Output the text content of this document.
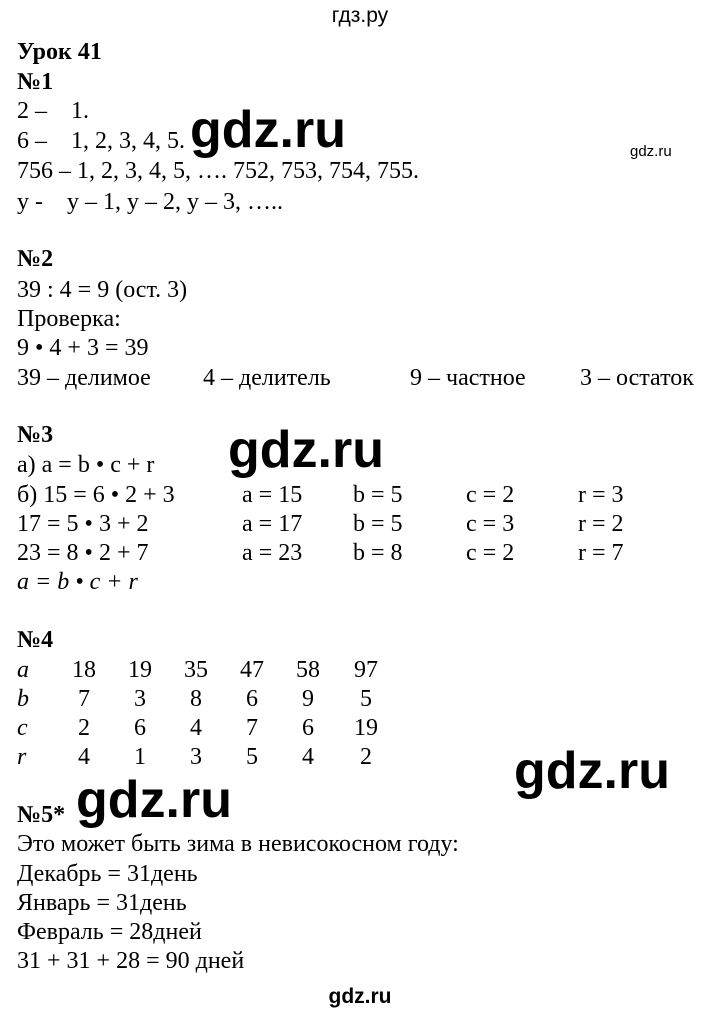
гдз.ру
gdz.ru	gdz.ru
gdz.ru
gdz.ru
gdz.ru
Урок 41
№1
2 –    1.
6 –    1, 2, 3, 4, 5.
756 – 1, 2, 3, 4, 5, …. 752, 753, 754, 755.
у -    у – 1, у – 2, у – 3, …..
№2
39 : 4 = 9 (ост. 3)
Проверка:
9 • 4 + 3 = 39
39 – делимое 4 – делитель	9 – частное 3 – остаток
№3
а) a = b • c + r
б) 15 = 6 • 2 + 3	a = 15 b = 5	c = 2	r = 3
17 = 5 • 3 + 2	a = 17 b = 5	c = 3	r = 2
23 = 8 • 2 + 7	a = 23 b = 8	c = 2	r = 7
a = b • c + r
№4
a 18 19 35 47 58 97
b 7 3 8 6 9 5
c 2 6 4 7 6 19
r 4 1 3 5 4 2
№5*
Это может быть зима в невисокосном году:
Декабрь = 31день
Январь = 31день
Февраль = 28дней
31 + 31 + 28 = 90 дней
gdz.ru
